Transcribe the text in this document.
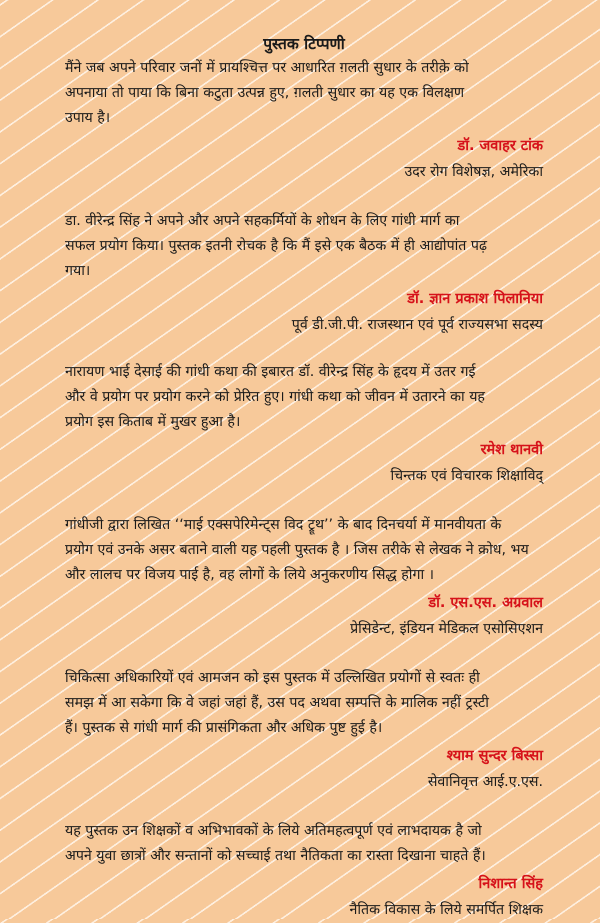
पुस्तक टिप्पणी

मैंने जब अपने परिवार जनों में प्रायश्चित्त पर आधारित ग़लती सुधार के तरीक़े को

अपनाया तो पाया कि बिना कटुता उत्पन्न हुए, ग़लती सुधार का यह एक विलक्षण

उपाय है।

डॉ. जवाहर टांक
उदर रोग विशेषज्ञ, अमेरिका

डा. वीरेन्द्र सिंह ने अपने और अपने सहकर्मियों के शोधन के लिए गांधी मार्ग का

सफल प्रयोग किया। पुस्तक इतनी रोचक है कि मैं इसे एक बैठक में ही आद्योपांत पढ़

गया।

डॉ. ज्ञान प्रकाश पिलानिया
पूर्व डी.जी.पी. राजस्थान एवं पूर्व राज्यसभा सदस्य

नारायण भाई देसाई की गांधी कथा की इबारत डॉ. वीरेन्द्र सिंह के हृदय में उतर गई

और वे प्रयोग पर प्रयोग करने को प्रेरित हुए। गांधी कथा को जीवन में उतारने का यह

प्रयोग इस किताब में मुखर हुआ है।

रमेश थानवी
चिन्तक एवं विचारक शिक्षाविद्

गांधीजी द्वारा लिखित ‘‘माई एक्सपेरिमेन्ट्स विद ट्रूथ’’ के बाद दिनचर्या में मानवीयता के

प्रयोग एवं उनके असर बताने वाली यह पहली पुस्तक है । जिस तरीके से लेखक ने क्रोध, भय

और लालच पर विजय पाई है, वह लोगों के लिये अनुकरणीय सिद्ध होगा ।

डॉ. एस.एस. अग्रवाल
प्रेसिडेन्ट, इंडियन मेडिकल एसोसिएशन

चिकित्सा अधिकारियों एवं आमजन को इस पुस्तक में उल्लिखित प्रयोगों से स्वतः ही

समझ में आ सकेगा कि वे जहां जहां हैं, उस पद अथवा सम्पत्ति के मालिक नहीं ट्रस्टी

हैं। पुस्तक से गांधी मार्ग की प्रासंगिकता और अधिक पुष्ट हुई है।

श्याम सुन्दर बिस्सा
सेवानिवृत्त आई.ए.एस.

यह पुस्तक उन शिक्षकों व अभिभावकों के लिये अतिमहत्वपूर्ण एवं लाभदायक है जो

अपने युवा छात्रों और सन्तानों को सच्चाई तथा नैतिकता का रास्ता दिखाना चाहते हैं।

निशान्त सिंह
नैतिक विकास के लिये समर्पित शिक्षक
